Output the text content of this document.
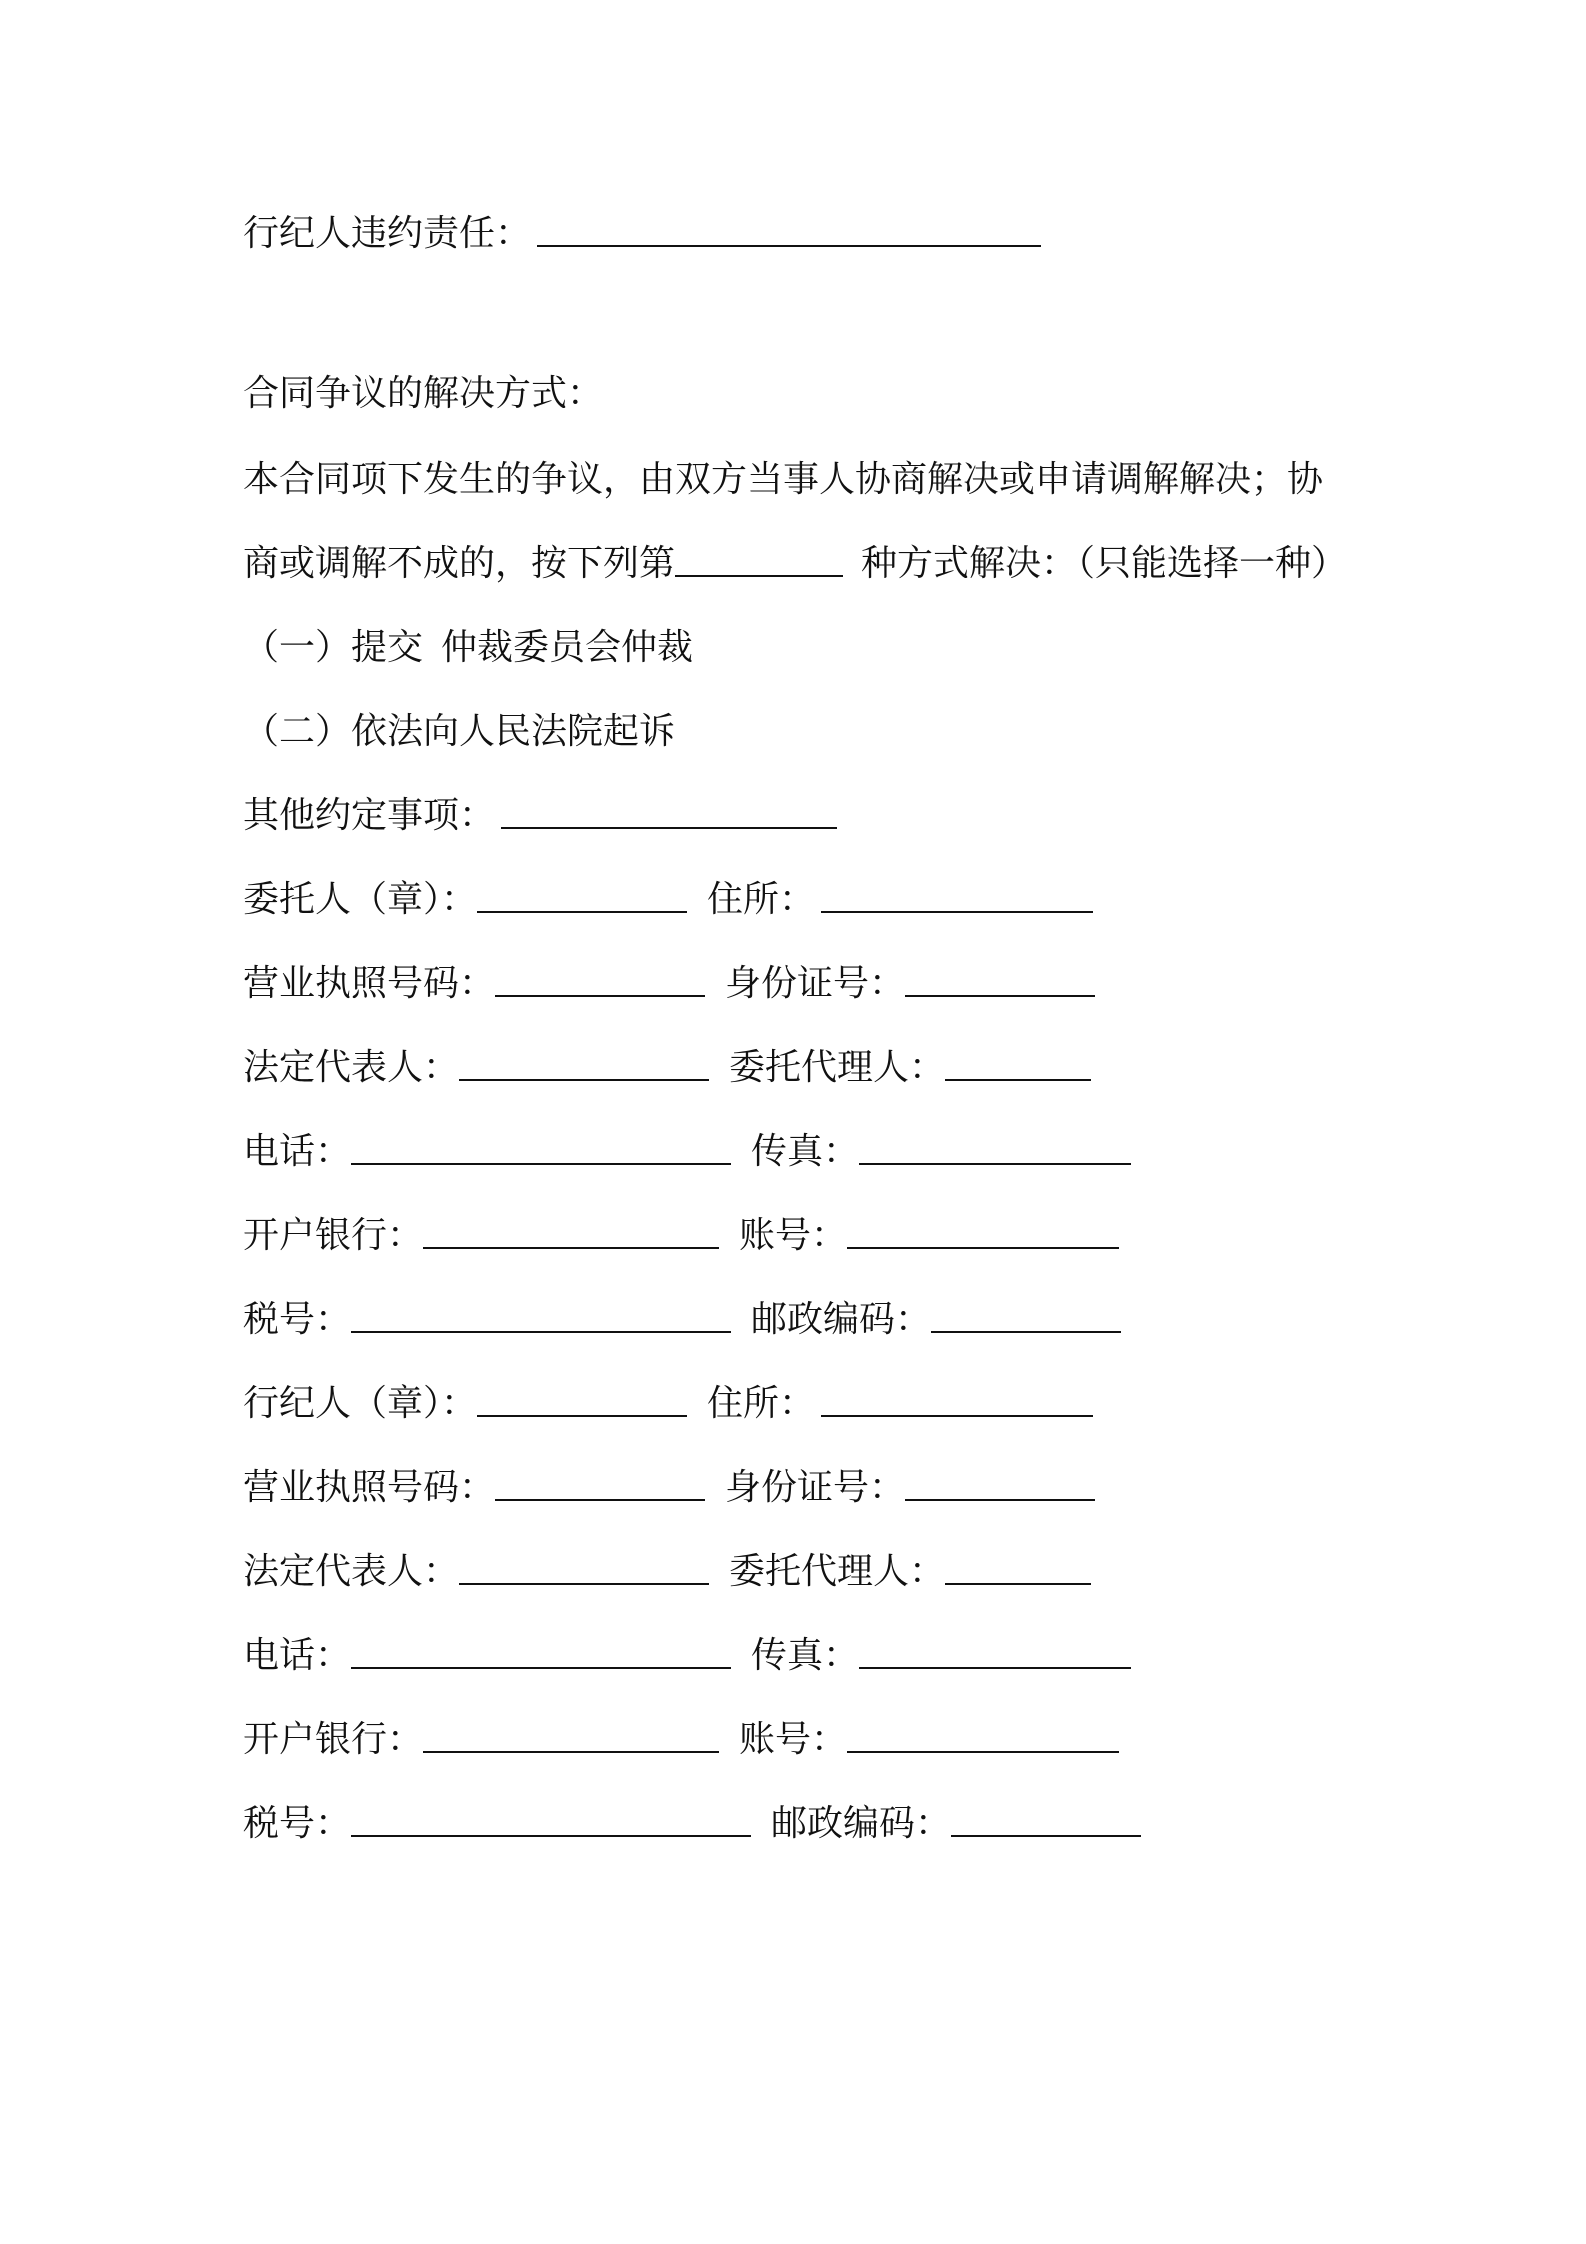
行纪人违约责任：
合同争议的解决方式：
本合同项下发生的争议，由双方当事人协商解决或申请调解解决；协
商或调解不成的，按下列第	种方式解决：（只能选择一种）
（一）提交 仲裁委员会仲裁
（二）依法向人民法院起诉
其他约定事项：
委托人（章）：	住所：
营业执照号码：	身份证号：
法定代表人：	委托代理人：
电话：	传真：
开户银行：	账号：
税号：	邮政编码：
行纪人（章）：	住所：
营业执照号码：	身份证号：
法定代表人：	委托代理人：
电话：	传真：
开户银行：	账号：
税号：	邮政编码：
